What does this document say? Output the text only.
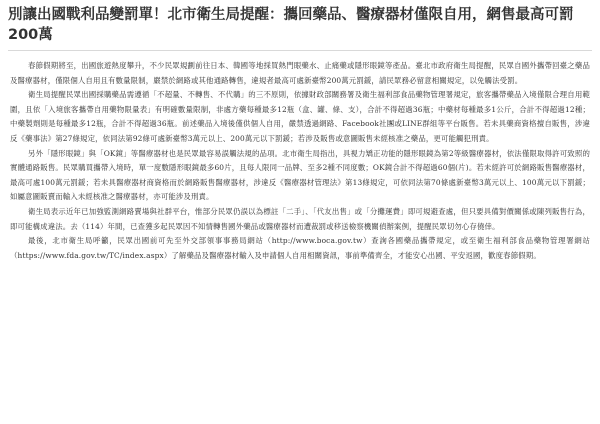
別讓出國戰利品變罰單！北市衛生局提醒：攜回藥品、醫療器材僅限自用，網售最高可罰200萬

春節假期將至，出國旅遊熱度攀升，不少民眾規劃前往日本、韓國等地採買熱門眼藥水、止痛藥或隱形眼鏡等產品。臺北市政府衛生局提醒，民眾自國外攜帶回臺之藥品及醫療器材，僅限個人自用且有數量限制，嚴禁於網路或其他通路轉售，違規者最高可處新臺幣200萬元罰鍰，請民眾務必留意相關規定，以免觸法受罰。

衛生局提醒民眾出國採購藥品需遵循「不超量、不轉售、不代購」的三不原則，依據財政部關務署及衛生福利部食品藥物管理署規定，旅客攜帶藥品入境僅限合理自用範圍，且依「入境旅客攜帶自用藥物限量表」有明確數量限制，非處方藥每種最多12瓶（盒、罐、條、支），合計不得超過36瓶；中藥材每種最多1公斤，合計不得超過12種；中藥製劑則是每種最多12瓶，合計不得超過36瓶。前述藥品入境後僅供個人自用，嚴禁透過網路、Facebook社團或LINE群組等平台販售。若未具藥商資格擅自販售，涉違反《藥事法》第27條規定，依同法第92條可處新臺幣3萬元以上、200萬元以下罰鍰；若涉及販售或意圖販售未經核准之藥品，更可能觸犯刑責。

另外「隱形眼鏡」與「OK鏡」等醫療器材也是民眾最容易誤觸法規的品項。北市衛生局指出，具視力矯正功能的隱形眼鏡為第2等級醫療器材，依法僅限取得許可致照的實體通路販售。民眾購買攜帶入境時，單一度數隱形眼鏡最多60片，且每人限同一品牌、至多2種不同度數；OK鏡合計不得超過60個(片)。若未經許可於網路販售醫療器材，最高可處100萬元罰鍰；若未具醫療器材商資格而於網路販售醫療器材，涉違反《醫療器材管理法》第13條規定，可依同法第70條處新臺幣3萬元以上、100萬元以下罰鍰；如屬意圖販賣而輸入未經核准之醫療器材，亦可能涉及刑責。

衛生局表示近年已加強監測網路賣場與社群平台，惟部分民眾仍誤以為標註「二手」、「代友出售」或「分攤運費」即可規避查處，但只要具備對價關係或陳列販售行為，即可能構成違法。去（114）年間，已查獲多起民眾因不知情轉售國外藥品或醫療器材而遭裁罰或移送檢察機關偵辦案例，提醒民眾切勿心存僥倖。

最後，北市衛生局呼籲，民眾出國前可先至外交部領事事務局網站（http://www.boca.gov.tw）查詢各國藥品攜帶規定，或至衛生福利部食品藥物管理署網站（https://www.fda.gov.tw/TC/index.aspx）了解藥品及醫療器材輸入及申請個人自用相關資訊，事前準備齊全，才能安心出國、平安返國，歡度春節假期。
